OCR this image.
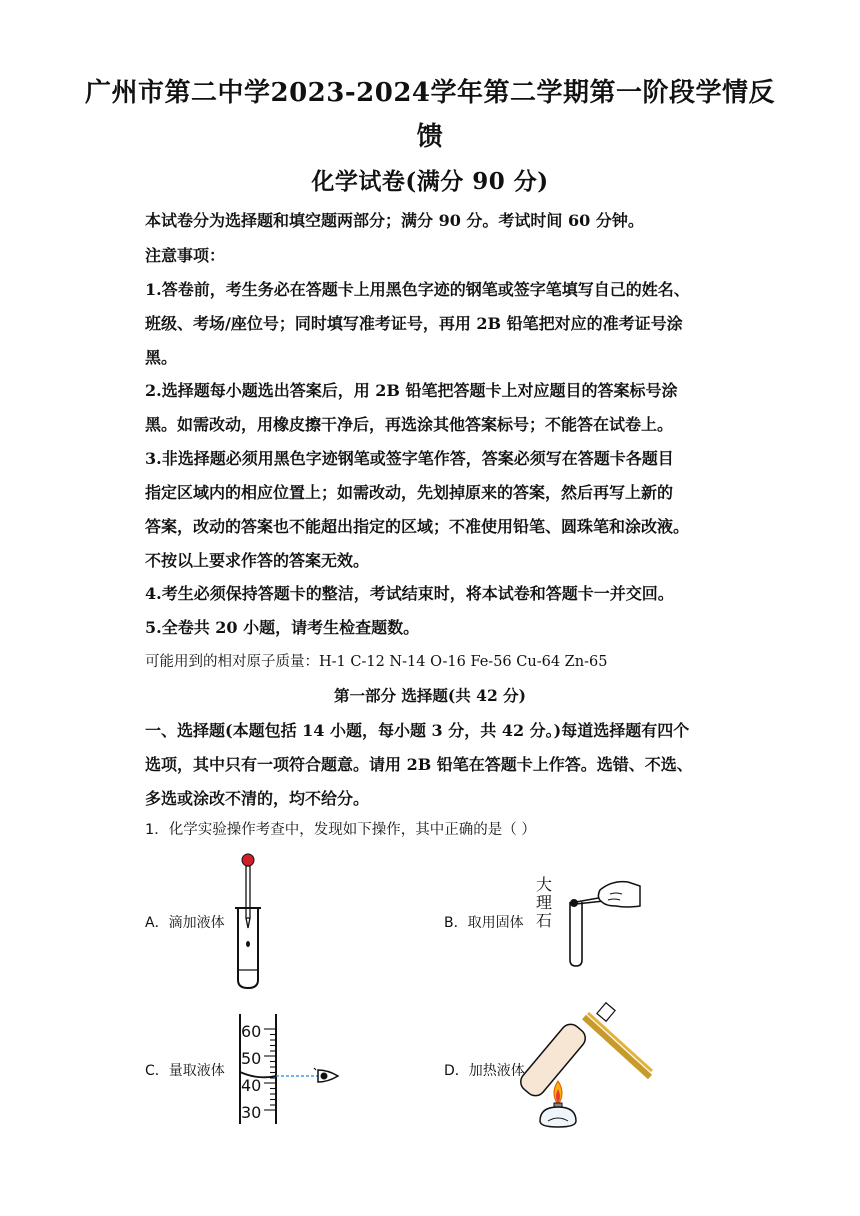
广州市第二中学2023-2024学年第二学期第一阶段学情反
馈
化学试卷(满分 90 分)
本试卷分为选择题和填空题两部分；满分 90 分。考试时间 60 分钟。
注意事项：
1.答卷前，考生务必在答题卡上用黑色字迹的钢笔或签字笔填写自己的姓名、
班级、考场/座位号；同时填写准考证号，再用 2B 铅笔把对应的准考证号涂
黑。
2.选择题每小题选出答案后，用 2B 铅笔把答题卡上对应题目的答案标号涂
黑。如需改动，用橡皮擦干净后，再选涂其他答案标号；不能答在试卷上。
3.非选择题必须用黑色字迹钢笔或签字笔作答，答案必须写在答题卡各题目
指定区域内的相应位置上；如需改动，先划掉原来的答案，然后再写上新的
答案，改动的答案也不能超出指定的区域；不准使用铅笔、圆珠笔和涂改液。
不按以上要求作答的答案无效。
4.考生必须保持答题卡的整洁，考试结束时，将本试卷和答题卡一并交回。
5.全卷共 20 小题，请考生检查题数。
可能用到的相对原子质量：H-1 C-12 N-14 O-16 Fe-56 Cu-64 Zn-65
第一部分 选择题(共 42 分)
一、选择题(本题包括 14 小题，每小题 3 分，共 42 分。)每道选择题有四个
选项，其中只有一项符合题意。请用 2B 铅笔在答题卡上作答。选错、不选、
多选或涂改不清的，均不给分。
1．化学实验操作考查中，发现如下操作，其中正确的是（ ）
A．滴加液体	B．取用固体
大
理
石
C．量取液体
60
50
40
30
D．加热液体
